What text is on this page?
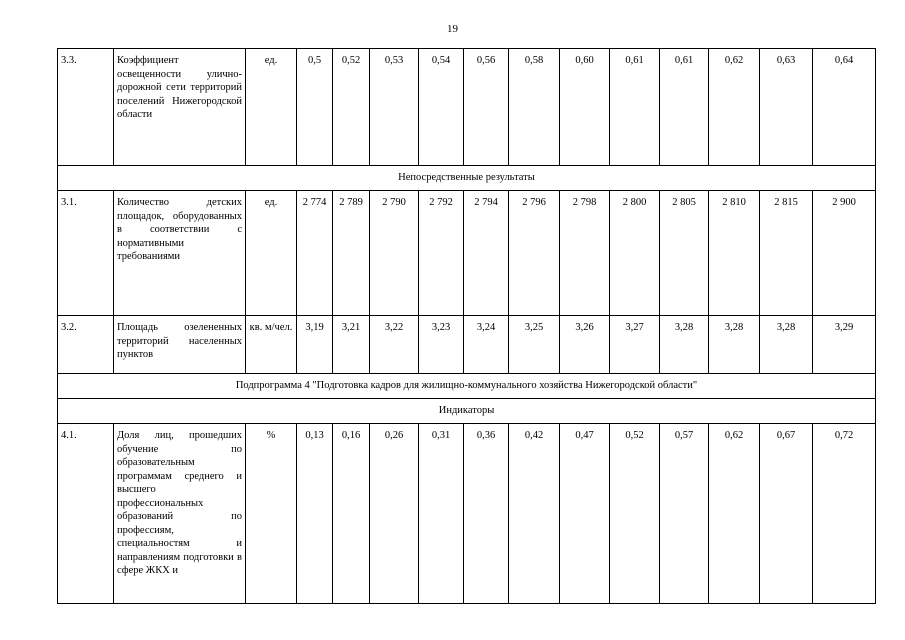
19
3.3.	Коэффициент освещенности улично-дорожной сети территорий поселений Нижегородской области	ед.	0,5	0,52	0,53	0,54	0,56	0,58	0,60	0,61	0,61	0,62	0,63	0,64
Непосредственные результаты														
3.1.	Количество детских площадок, оборудованных в соответствии с нормативными требованиями	ед.	2 774	2 789	2 790	2 792	2 794	2 796	2 798	2 800	2 805	2 810	2 815	2 900
3.2.	Площадь озелененных территорий населенных пунктов	кв. м/чел.	3,19	3,21	3,22	3,23	3,24	3,25	3,26	3,27	3,28	3,28	3,28	3,29
Подпрограмма 4 "Подготовка кадров для жилищно-коммунального хозяйства Нижегородской области"														
Индикаторы														
4.1.	Доля лиц, прошедших обучение по образовательным программам среднего и высшего профессиональных образований по профессиям, специальностям и направлениям подготовки в сфере ЖКХ и	%	0,13	0,16	0,26	0,31	0,36	0,42	0,47	0,52	0,57	0,62	0,67	0,72
